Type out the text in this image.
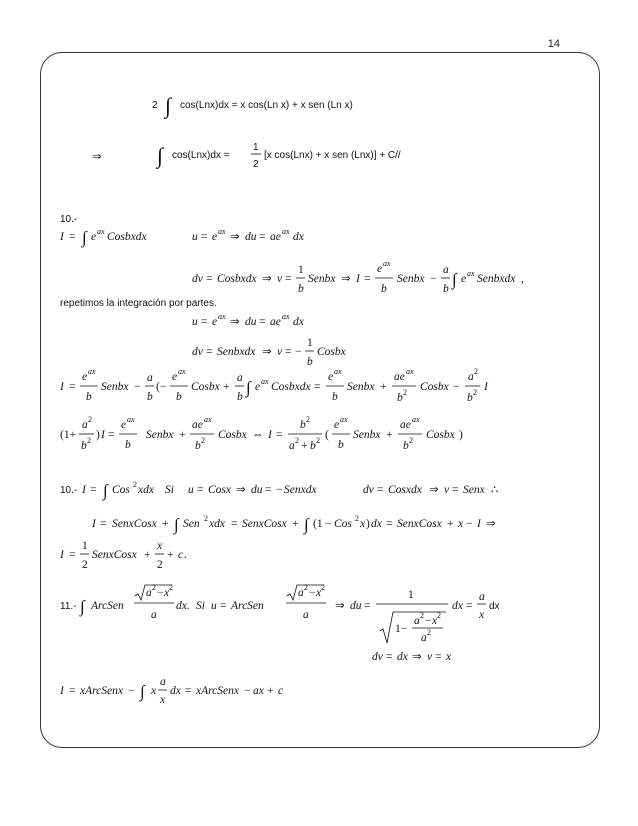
14
2 ∫ cos(Lnx)dx = x cos(Ln x) + x sen (Ln x)
⇒	∫ cos(Lnx)dx =
1
2
[x cos(Lnx) + x sen (Lnx)] + C//
10.-
I = ∫ e ax Cosbxdx	u = e ax ⇒ du = ae ax dx
dv = Cosbxdx ⇒ v =
1
b
Senbx ⇒ I =
e ax
b
Senbx −
a
b ∫ e ax Senbxdx ,
repetimos la integración por partes.
u = e ax ⇒ du = ae ax dx
dv = Senbxdx ⇒ v = −
1
b
Cosbx
I =
e ax
b
Senbx −
a
b
(−
e ax
b
Cosbx +
a
b ∫ e ax Cosbxdx =
e ax
b
Senbx +
ae ax
b 2 Cosbx −
a 2
b 2 I
(1+
a 2
b 2 ) I =
e ax
b
Senbx +
ae ax
b 2 Cosbx ⇔ I =
b 2
a 2 + b 2 (
e ax
b
Senbx +
ae ax
b 2 Cosbx )
10.- I = ∫ Cos 2 xdx Si u = Cosx ⇒ du = − Senxdx	dv = Cosxdx ⇒ v = Senx ∴
I = SenxCosx + ∫ Sen 2 xdx = SenxCosx + ∫ (1 − Cos 2 x ) dx = SenxCosx + x − I ⇒
I =
1
2
SenxCosx +
x
2
+ c .
11.- ∫ ArcSen
a 2 − x 2
a
dx. Si u = ArcSen
a 2 − x 2
a
⇒ du =
1
1 −
a 2 − x 2
a 2
dx =
a
x
dx
dv = dx ⇒ v = x
I = xArcSenx − ∫ x
a
x
dx = xArcSenx − ax + c
